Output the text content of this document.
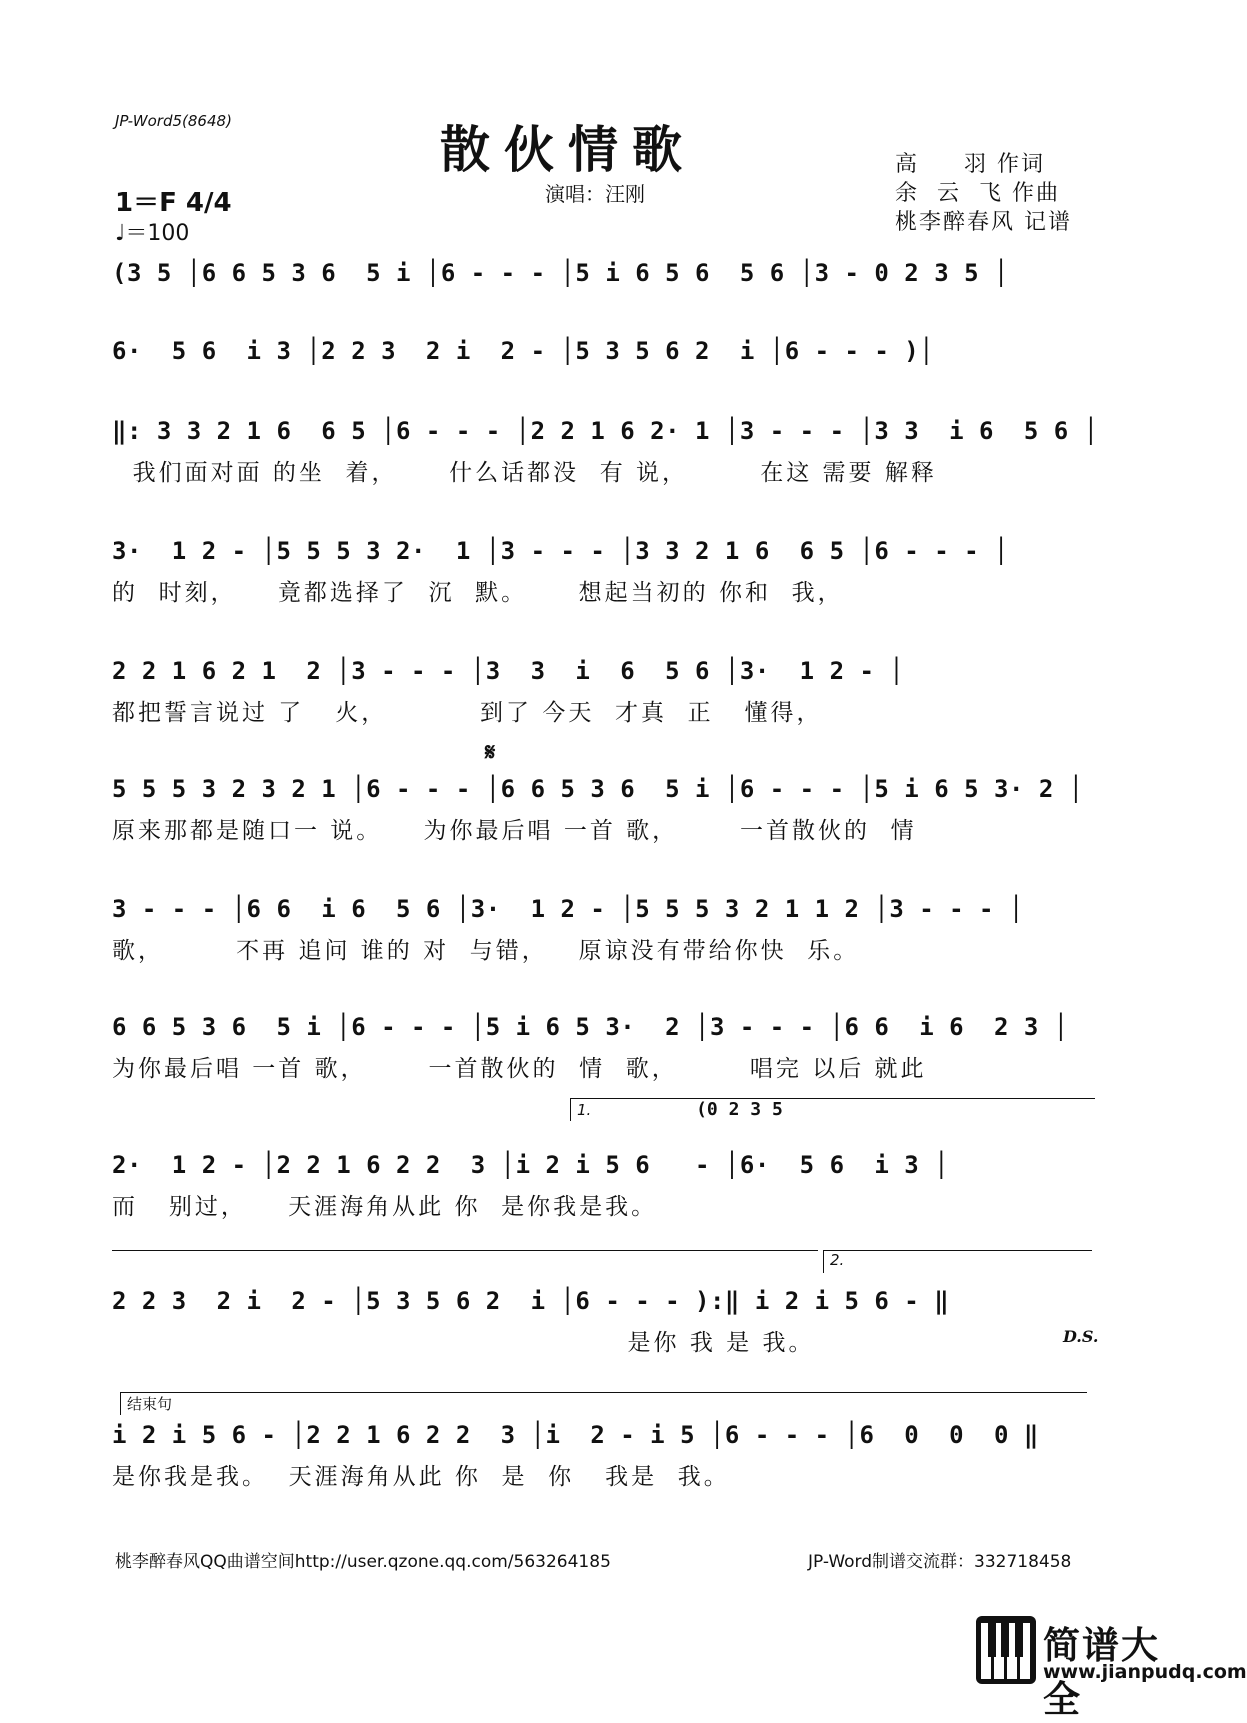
JP-Word5(8648)	散伙情歌
演唱：汪刚
高     羽 作词
余  云  飞 作曲
桃李醉春风 记谱
1＝F 4/4
♩＝100
(3 5 │6 6 5 3 6  5 i │6 - - - │5 i 6 5 6  5 6 │3 - 0 2 3 5 │
6·  5 6  i 3 │2 2 3  2 i  2 - │5 3 5 6 2  i │6 - - - )│
‖: 3 3 2 1 6  6 5 │6 - - - │2 2 1 6 2· 1 │3 - - - │3 3  i 6  5 6 │
我们面对面 的坐  着，     什么话都没  有 说，       在这 需要 解释
3·  1 2 - │5 5 5 3 2·  1 │3 - - - │3 3 2 1 6  6 5 │6 - - - │
的  时刻，    竟都选择了  沉  默。     想起当初的 你和  我，
2 2 1 6 2 1  2 │3 - - - │3  3  i  6  5 6 │3·  1 2 - │
都把誓言说过 了   火，         到了 今天  才真  正   懂得，
𝄋
5 5 5 3 2 3 2 1 │6 - - - │6 6 5 3 6  5 i │6 - - - │5 i 6 5 3· 2 │
原来那都是随口一 说。    为你最后唱 一首 歌，      一首散伙的  情
3 - - - │6 6  i 6  5 6 │3·  1 2 - │5 5 5 3 2 1 1 2 │3 - - - │
歌，       不再 追问 谁的 对  与错，   原谅没有带给你快  乐。
6 6 5 3 6  5 i │6 - - - │5 i 6 5 3·  2 │3 - - - │6 6  i 6  2 3 │
为你最后唱 一首 歌，      一首散伙的  情  歌，       唱完 以后 就此
1.	(0 2 3 5
2·  1 2 - │2 2 1 6 2 2  3 │i 2 i 5 6   - │6·  5 6  i 3 │
而   别过，    天涯海角从此 你  是你我是我。
2.
2 2 3  2 i  2 - │5 3 5 6 2  i │6 - - - ):‖ i 2 i 5 6 - ‖
是你 我 是 我。	D.S.
结束句
i 2 i 5 6 - │2 2 1 6 2 2  3 │i  2 - i 5 │6 - - - │6  0  0  0 ‖
是你我是我。  天涯海角从此 你  是  你   我是  我。
桃李醉春风QQ曲谱空间http://user.qzone.qq.com/563264185	JP-Word制谱交流群：332718458
简谱大全
www.jianpudq.com
